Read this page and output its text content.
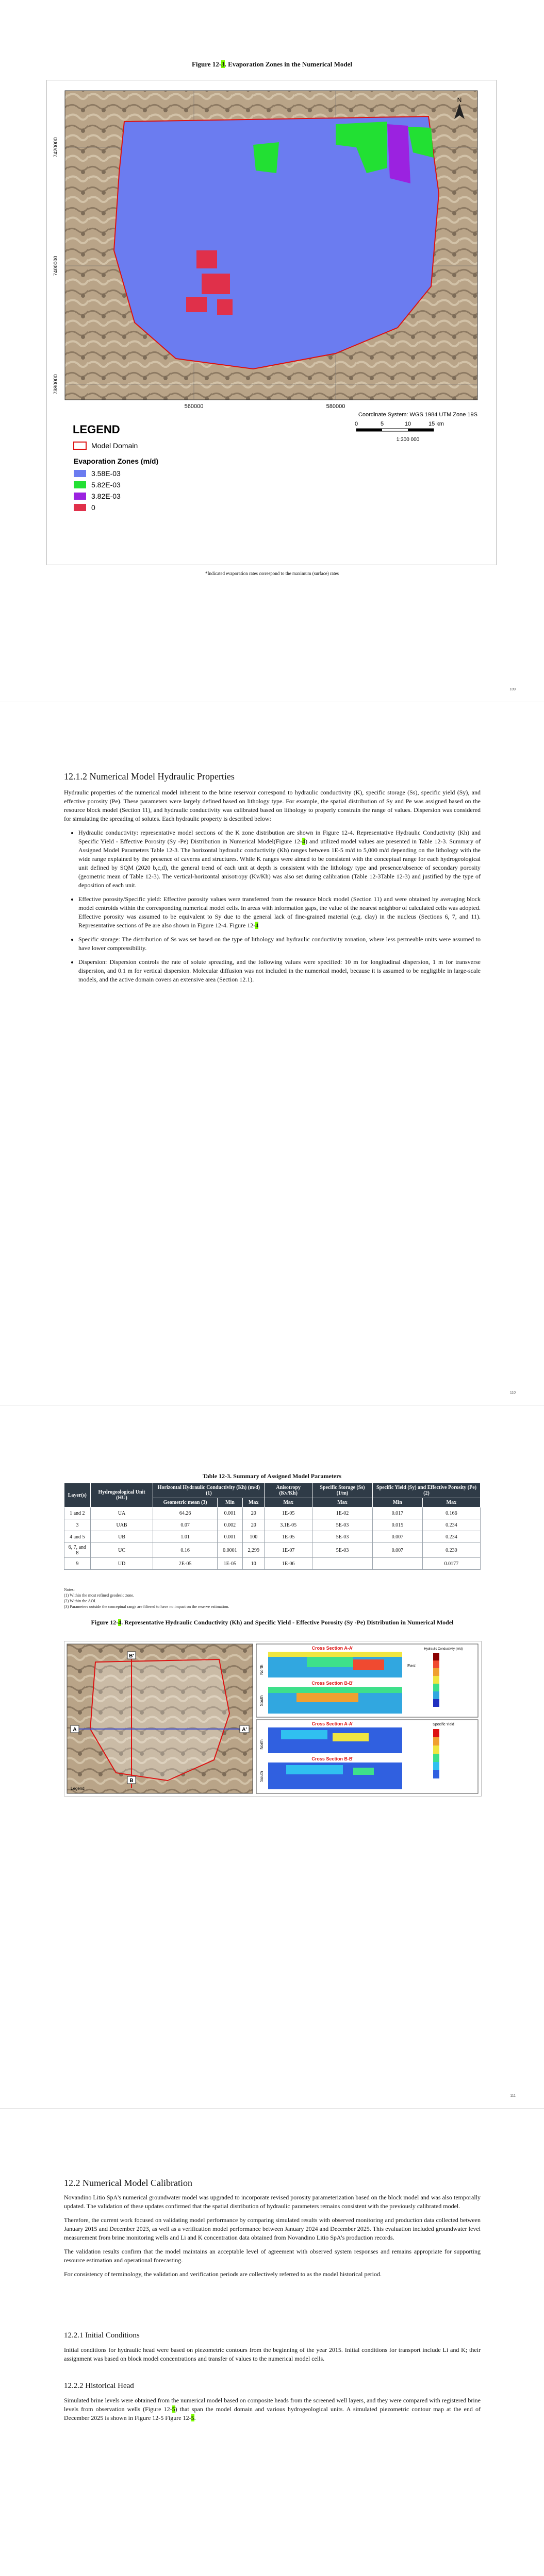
Figure 12-3. Evaporation Zones in the Numerical Model
N
7420000
7400000
7380000
560000	580000
Coordinate System: WGS 1984 UTM Zone 19S
0	5	10	15 km
1:300 000
LEGEND
Model Domain
Evaporation Zones (m/d)
3.58E-03
5.82E-03
3.82E-03
0
*Indicated evaporation rates correspond to the maximum (surface) rates
109
12.1.2 Numerical Model Hydraulic Properties

Hydraulic properties of the numerical model inherent to the brine reservoir correspond to hydraulic conductivity (K), specific storage (Ss), specific yield (Sy), and effective porosity (Pe). These parameters were largely defined based on lithology type. For example, the spatial distribution of Sy and Pe was assigned based on the resource block model (Section 11), and hydraulic conductivity was calibrated based on lithology to properly constrain the range of values. Dispersion was considered for simulating the spreading of solutes. Each hydraulic property is described below:

• Hydraulic conductivity: representative model sections of the K zone distribution are shown in Figure 12-4. Representative Hydraulic Conductivity (Kh) and Specific Yield - Effective Porosity (Sy -Pe) Distribution in Numerical Model(Figure 12-4) and utilized model values are presented in Table 12-3. Summary of Assigned Model Parameters Table 12-3. The horizontal hydraulic conductivity (Kh) ranges between 1E-5 m/d to 5,000 m/d depending on the lithology with the wide range explained by the presence of caverns and structures. While K ranges were aimed to be consistent with the conceptual range for each hydrogeological unit defined by SQM (2020 b,c,d), the general trend of each unit at depth is consistent with the lithology type and presence/absence of secondary porosity (geometric mean of Table 12-3). The vertical-horizontal anisotropy (Kv/Kh) was also set during calibration (Table 12-3Table 12-3) and justified by the type of deposition of each unit.
• Effective porosity/Specific yield: Effective porosity values were transferred from the resource block model (Section 11) and were obtained by averaging block model centroids within the corresponding numerical model cells. In areas with information gaps, the value of the nearest neighbor of calculated cells was adopted. Effective porosity was assumed to be equivalent to Sy due to the general lack of fine-grained material (e.g. clay) in the nucleus (Sections 6, 7, and 11). Representative sections of Pe are also shown in Figure 12-4. Figure 12-4
• Specific storage: The distribution of Ss was set based on the type of lithology and hydraulic conductivity zonation, where less permeable units were assumed to have lower compressibility.
• Dispersion: Dispersion controls the rate of solute spreading, and the following values were specified: 10 m for longitudinal dispersion, 1 m for transverse dispersion, and 0.1 m for vertical dispersion. Molecular diffusion was not included in the numerical model, because it is assumed to be negligible in large-scale models, and the active domain covers an extensive area (Section 12.1).
110
Table 12-3. Summary of Assigned Model Parameters
Layer(s)	Hydrogeological Unit (HU)	Horizontal Hydraulic Conductivity (Kh) (m/d) (1)			Anisotropy (Kv/Kh)	Specific Storage (Ss) (1/m)	Specific Yield (Sy) and Effective Porosity (Pe) (2)	
		Geometric mean (3)	Min	Max	Max	Max	Min	Max
1 and 2	UA	64.26	0.001	20	1E-05	1E-02	0.017	0.166
3	UAB	0.07	0.002	20	3.1E-05	5E-03	0.015	0.234
4 and 5	UB	1.01	0.001	100	1E-05	5E-03	0.007	0.234
6, 7, and 8	UC	0.16	0.0001	2,299	1E-07	5E-03	0.007	0.230
9	UD	2E-05	1E-05	10	1E-06			0.0177
Notes:
(1) Within the most refined geodesic zone.
(2) Within the AOI.
(3) Parameters outside the conceptual range are filtered to have no impact on the reserve estimation.
Figure 12-4. Representative Hydraulic Conductivity (Kh) and Specific Yield - Effective Porosity (Sy -Pe) Distribution in Numerical Model
B'
B
A	A'
Legend
Cross Section A-A'
Cross Section B-B'
North
South
East
Hydraulic Conductivity (m/d)
Cross Section A-A'
Cross Section B-B'
North
South
Specific Yield
111
12.2 Numerical Model Calibration

Novandino Litio SpA's numerical groundwater model was upgraded to incorporate revised porosity parameterization based on the block model and was also temporally updated. The validation of these updates confirmed that the spatial distribution of hydraulic parameters remains consistent with the previously calibrated model.

Therefore, the current work focused on validating model performance by comparing simulated results with observed monitoring and production data collected between January 2015 and December 2023, as well as a verification model performance between January 2024 and December 2025. This evaluation included groundwater level measurement from brine monitoring wells and Li and K concentration data obtained from Novandino Litio SpA's production records.

The validation results confirm that the model maintains an acceptable level of agreement with observed system responses and remains appropriate for supporting resource estimation and operational forecasting.

For consistency of terminology, the validation and verification periods are collectively referred to as the model historical period.

12.2.1 Initial Conditions

Initial conditions for hydraulic head were based on piezometric contours from the beginning of the year 2015. Initial conditions for transport include Li and K; their assignment was based on block model concentrations and transfer of values to the numerical model cells.

12.2.2 Historical Head

Simulated brine levels were obtained from the numerical model based on composite heads from the screened well layers, and they were compared with registered brine levels from observation wells (Figure 12-5) that span the model domain and various hydrogeological units. A simulated piezometric contour map at the end of December 2025 is shown in Figure 12-5 Figure 12-5.
